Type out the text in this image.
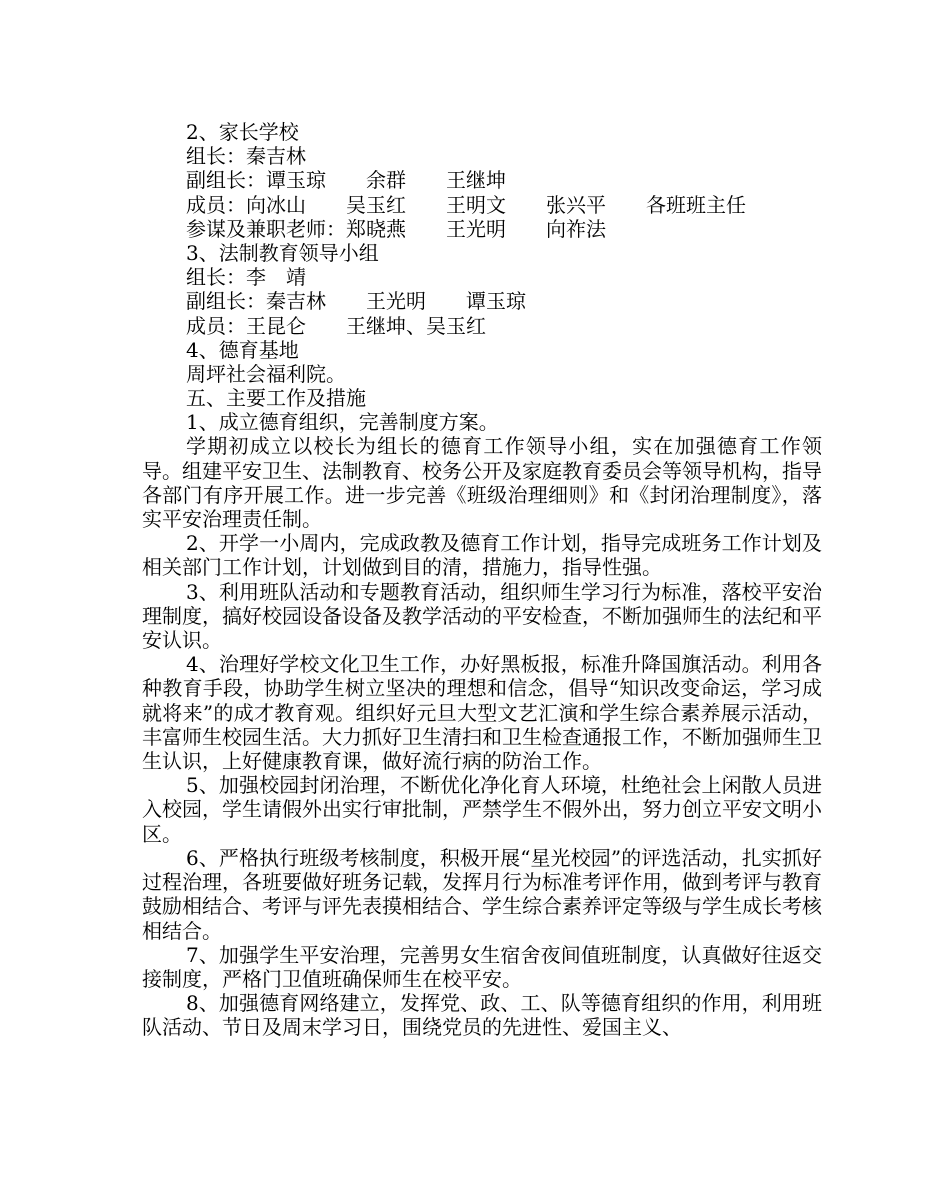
2、家长学校
组长：秦吉林
副组长：谭玉琼　　余群　　王继坤
成员：向冰山　　吴玉红　　王明文　　张兴平　　各班班主任
参谋及兼职老师：郑晓燕　　王光明　　向祚法
3、法制教育领导小组
组长：李　靖
副组长：秦吉林　　王光明　　谭玉琼
成员：王昆仑　　王继坤、吴玉红
4、德育基地
周坪社会福利院。
五、主要工作及措施
1、成立德育组织，完善制度方案。
学期初成立以校长为组长的德育工作领导小组，实在加强德育工作领导。组建平安卫生、法制教育、校务公开及家庭教育委员会等领导机构，指导各部门有序开展工作。进一步完善《班级治理细则》和《封闭治理制度》，落实平安治理责任制。
2、开学一小周内，完成政教及德育工作计划，指导完成班务工作计划及相关部门工作计划，计划做到目的清，措施力，指导性强。
3、利用班队活动和专题教育活动，组织师生学习行为标准，落校平安治理制度，搞好校园设备设备及教学活动的平安检查，不断加强师生的法纪和平安认识。
4、治理好学校文化卫生工作，办好黑板报，标准升降国旗活动。利用各种教育手段，协助学生树立坚决的理想和信念，倡导“知识改变命运，学习成就将来”的成才教育观。组织好元旦大型文艺汇演和学生综合素养展示活动，丰富师生校园生活。大力抓好卫生清扫和卫生检查通报工作，不断加强师生卫生认识，上好健康教育课，做好流行病的防治工作。
5、加强校园封闭治理，不断优化净化育人环境，杜绝社会上闲散人员进入校园，学生请假外出实行审批制，严禁学生不假外出，努力创立平安文明小区。
6、严格执行班级考核制度，积极开展“星光校园”的评选活动，扎实抓好过程治理，各班要做好班务记载，发挥月行为标准考评作用，做到考评与教育鼓励相结合、考评与评先表摸相结合、学生综合素养评定等级与学生成长考核相结合。
7、加强学生平安治理，完善男女生宿舍夜间值班制度，认真做好往返交接制度，严格门卫值班确保师生在校平安。
8、加强德育网络建立，发挥党、政、工、队等德育组织的作用，利用班队活动、节日及周末学习日，围绕党员的先进性、爱国主义、
